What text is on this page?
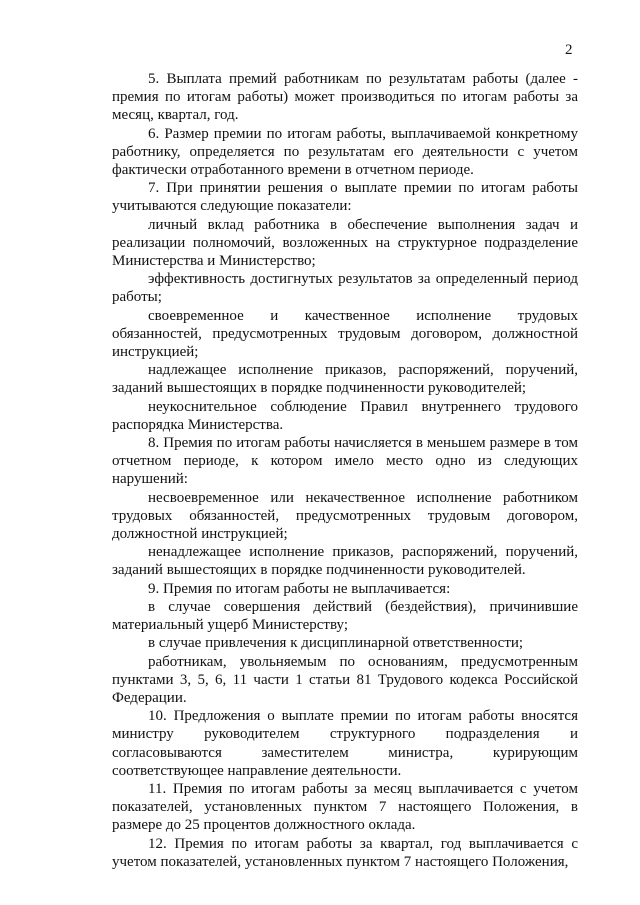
2

5. Выплата премий работникам по результатам работы (далее - премия по итогам работы) может производиться по итогам работы за месяц, квартал, год.

6. Размер премии по итогам работы, выплачиваемой конкретному работнику, определяется по результатам его деятельности с учетом фактически отработанного времени в отчетном периоде.

7. При принятии решения о выплате премии по итогам работы учитываются следующие показатели:

личный вклад работника в обеспечение выполнения задач и реализации полномочий, возложенных на структурное подразделение Министерства и Министерство;

эффективность достигнутых результатов за определенный период работы;

своевременное и качественное исполнение трудовых обязанностей, предусмотренных трудовым договором, должностной инструкцией;

надлежащее исполнение приказов, распоряжений, поручений, заданий вышестоящих в порядке подчиненности руководителей;

неукоснительное соблюдение Правил внутреннего трудового распорядка Министерства.

8. Премия по итогам работы начисляется в меньшем размере в том отчетном периоде, к котором имело место одно из следующих нарушений:

несвоевременное или некачественное исполнение работником трудовых обязанностей, предусмотренных трудовым договором, должностной инструкцией;

ненадлежащее исполнение приказов, распоряжений, поручений, заданий вышестоящих в порядке подчиненности руководителей.

9. Премия по итогам работы не выплачивается:

в случае совершения действий (бездействия), причинившие материальный ущерб Министерству;

в случае привлечения к дисциплинарной ответственности;

работникам, увольняемым по основаниям, предусмотренным пунктами 3, 5, 6, 11 части 1 статьи 81 Трудового кодекса Российской Федерации.

10. Предложения о выплате премии по итогам работы вносятся министру руководителем структурного подразделения и согласовываются заместителем министра, курирующим соответствующее направление деятельности.

11. Премия по итогам работы за месяц выплачивается с учетом показателей, установленных пунктом 7 настоящего Положения, в размере до 25 процентов должностного оклада.

12. Премия по итогам работы за квартал, год выплачивается с учетом показателей, установленных пунктом 7 настоящего Положения,
